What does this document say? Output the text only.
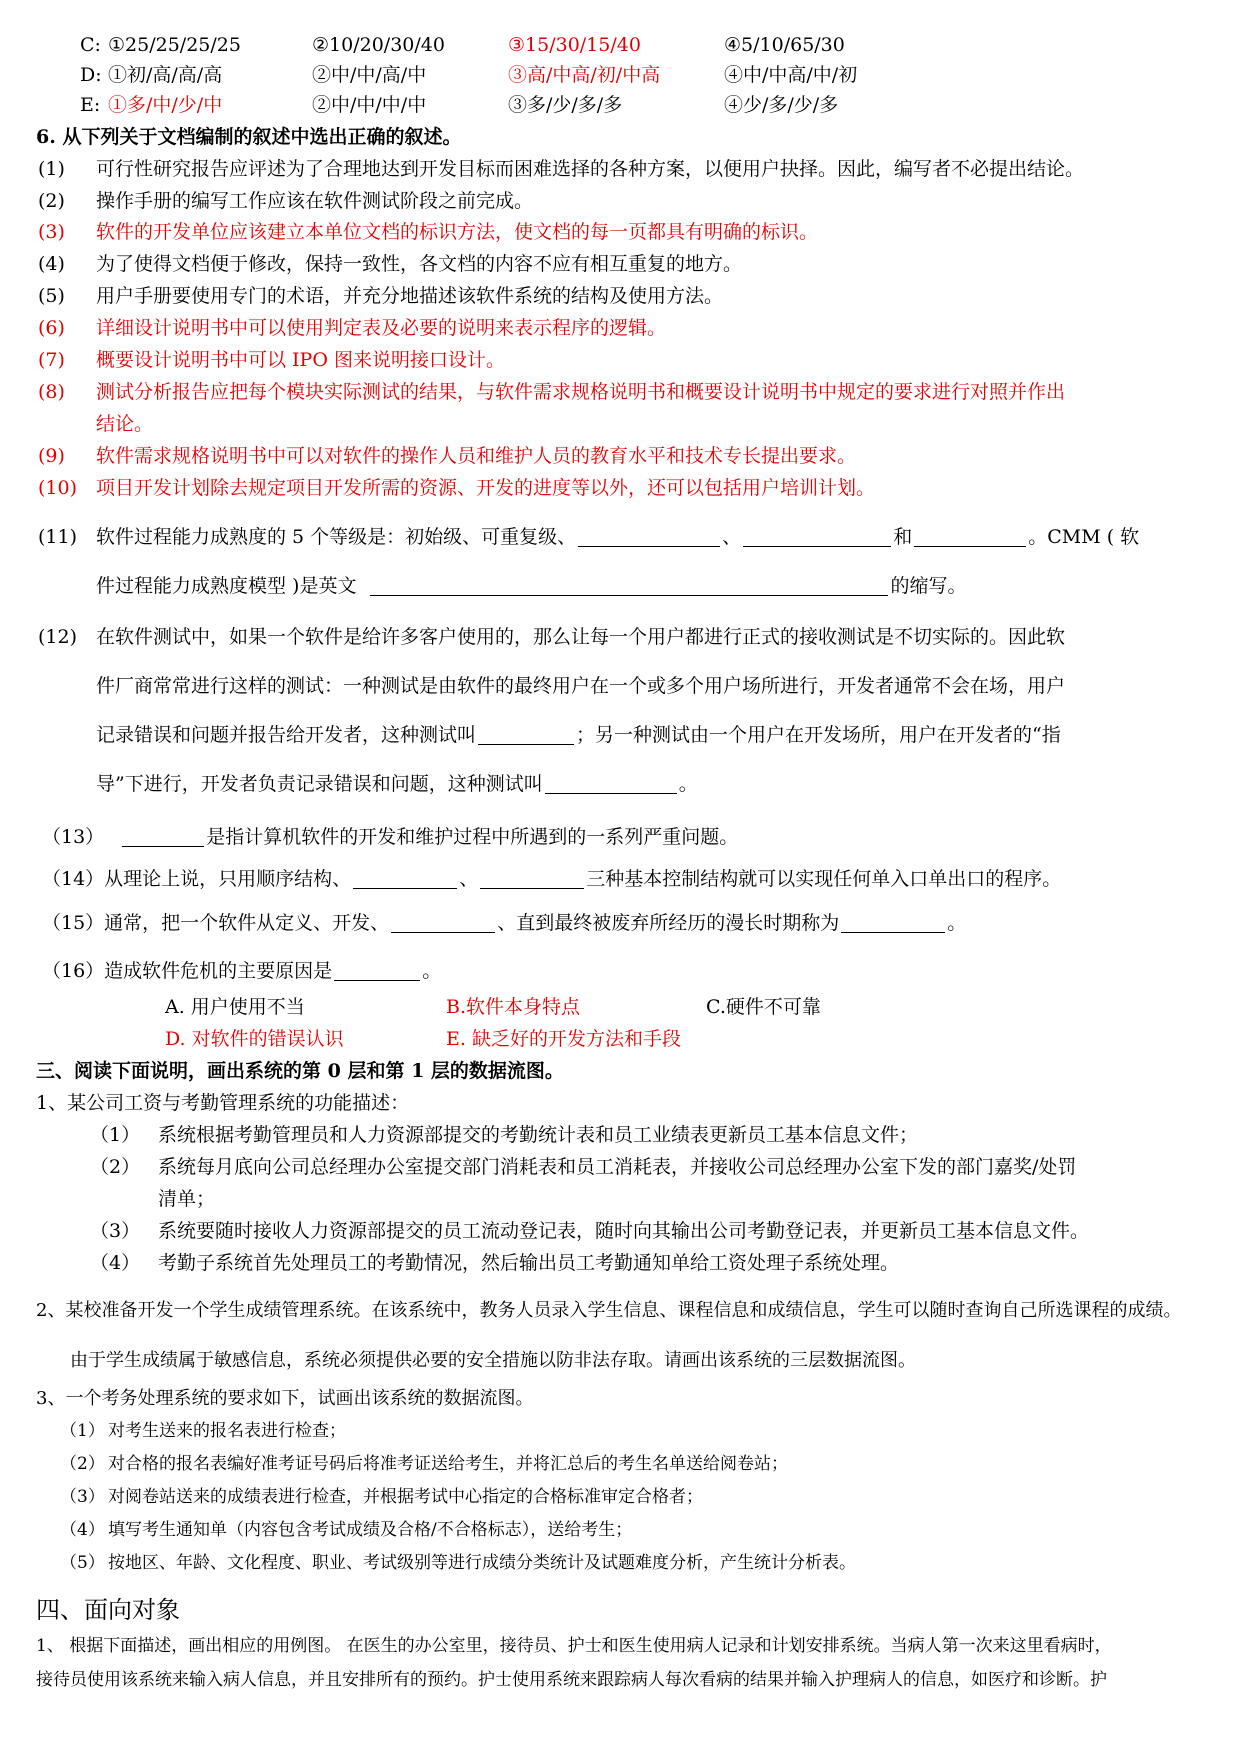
C: ①25/25/25/25	②10/20/30/40	③15/30/15/40	④5/10/65/30
D: ①初/高/高/高	②中/中/高/中	③高/中高/初/中高	④中/中高/中/初
E: ①多/中/少/中	②中/中/中/中	③多/少/多/多	④少/多/少/多
6. 从下列关于文档编制的叙述中选出正确的叙述。
(1) 可行性研究报告应评述为了合理地达到开发目标而困难选择的各种方案，以便用户抉择。因此，编写者不必提出结论。
(2) 操作手册的编写工作应该在软件测试阶段之前完成。
(3) 软件的开发单位应该建立本单位文档的标识方法，使文档的每一页都具有明确的标识。
(4) 为了使得文档便于修改，保持一致性，各文档的内容不应有相互重复的地方。
(5) 用户手册要使用专门的术语，并充分地描述该软件系统的结构及使用方法。
(6) 详细设计说明书中可以使用判定表及必要的说明来表示程序的逻辑。
(7) 概要设计说明书中可以 IPO 图来说明接口设计。
(8) 测试分析报告应把每个模块实际测试的结果，与软件需求规格说明书和概要设计说明书中规定的要求进行对照并作出
结论。
(9) 软件需求规格说明书中可以对软件的操作人员和维护人员的教育水平和技术专长提出要求。
(10) 项目开发计划除去规定项目开发所需的资源、开发的进度等以外，还可以包括用户培训计划。
(11) 软件过程能力成熟度的 5 个等级是：初始级、可重复级、	、	和	。CMM ( 软
件过程能力成熟度模型 )是英文	的缩写。
(12) 在软件测试中，如果一个软件是给许多客户使用的，那么让每一个用户都进行正式的接收测试是不切实际的。因此软
件厂商常常进行这样的测试：一种测试是由软件的最终用户在一个或多个用户场所进行，开发者通常不会在场，用户
记录错误和问题并报告给开发者，这种测试叫	；另一种测试由一个用户在开发场所，用户在开发者的“指
导”下进行，开发者负责记录错误和问题，这种测试叫	。
（13）	是指计算机软件的开发和维护过程中所遇到的一系列严重问题。
（14）从理论上说，只用顺序结构、	、	三种基本控制结构就可以实现任何单入口单出口的程序。
（15）通常，把一个软件从定义、开发、	、直到最终被废弃所经历的漫长时期称为	。
（16）造成软件危机的主要原因是	。
A. 用户使用不当	B.软件本身特点	C.硬件不可靠
D. 对软件的错误认识	E. 缺乏好的开发方法和手段
三、阅读下面说明，画出系统的第 0 层和第 1 层的数据流图。
1、某公司工资与考勤管理系统的功能描述：
（1） 系统根据考勤管理员和人力资源部提交的考勤统计表和员工业绩表更新员工基本信息文件；
（2） 系统每月底向公司总经理办公室提交部门消耗表和员工消耗表，并接收公司总经理办公室下发的部门嘉奖/处罚
清单；
（3） 系统要随时接收人力资源部提交的员工流动登记表，随时向其输出公司考勤登记表，并更新员工基本信息文件。
（4） 考勤子系统首先处理员工的考勤情况，然后输出员工考勤通知单给工资处理子系统处理。
2、某校准备开发一个学生成绩管理系统。在该系统中，教务人员录入学生信息、课程信息和成绩信息，学生可以随时查询自己所选课程的成绩。
由于学生成绩属于敏感信息，系统必须提供必要的安全措施以防非法存取。请画出该系统的三层数据流图。
3、一个考务处理系统的要求如下，试画出该系统的数据流图。
（1） 对考生送来的报名表进行检查；
（2） 对合格的报名表编好准考证号码后将准考证送给考生，并将汇总后的考生名单送给阅卷站；
（3） 对阅卷站送来的成绩表进行检查，并根据考试中心指定的合格标准审定合格者；
（4） 填写考生通知单（内容包含考试成绩及合格/不合格标志），送给考生；
（5） 按地区、年龄、文化程度、职业、考试级别等进行成绩分类统计及试题难度分析，产生统计分析表。
四、面向对象
1、 根据下面描述，画出相应的用例图。 在医生的办公室里，接待员、护士和医生使用病人记录和计划安排系统。当病人第一次来这里看病时，
接待员使用该系统来输入病人信息，并且安排所有的预约。护士使用系统来跟踪病人每次看病的结果并输入护理病人的信息，如医疗和诊断。护
